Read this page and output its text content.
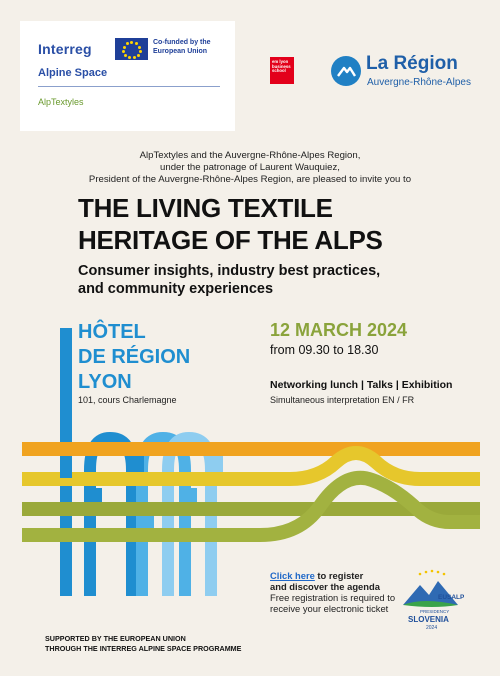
Interreg	Co-funded by the European Union
Alpine Space
AlpTextyles
em lyon business school	La Région
Auvergne-Rhône-Alpes
AlpTextyles and the Auvergne-Rhône-Alpes Region,
under the patronage of Laurent Wauquiez,
President of the Auvergne-Rhône-Alpes Region, are pleased to invite you to
THE LIVING TEXTILE
HERITAGE OF THE ALPS
Consumer insights, industry best practices,
and community experiences
HÔTEL
DE RÉGION
LYON
101, cours Charlemagne
12 MARCH 2024
from 09.30 to 18.30
Networking lunch | Talks | Exhibition
Simultaneous interpretation EN / FR
Click here to register
and discover the agenda
Free registration is required to receive your electronic ticket
EUSALP
PRESIDENCY
SLOVENIA
2024
SUPPORTED BY THE EUROPEAN UNION
THROUGH THE INTERREG ALPINE SPACE PROGRAMME
